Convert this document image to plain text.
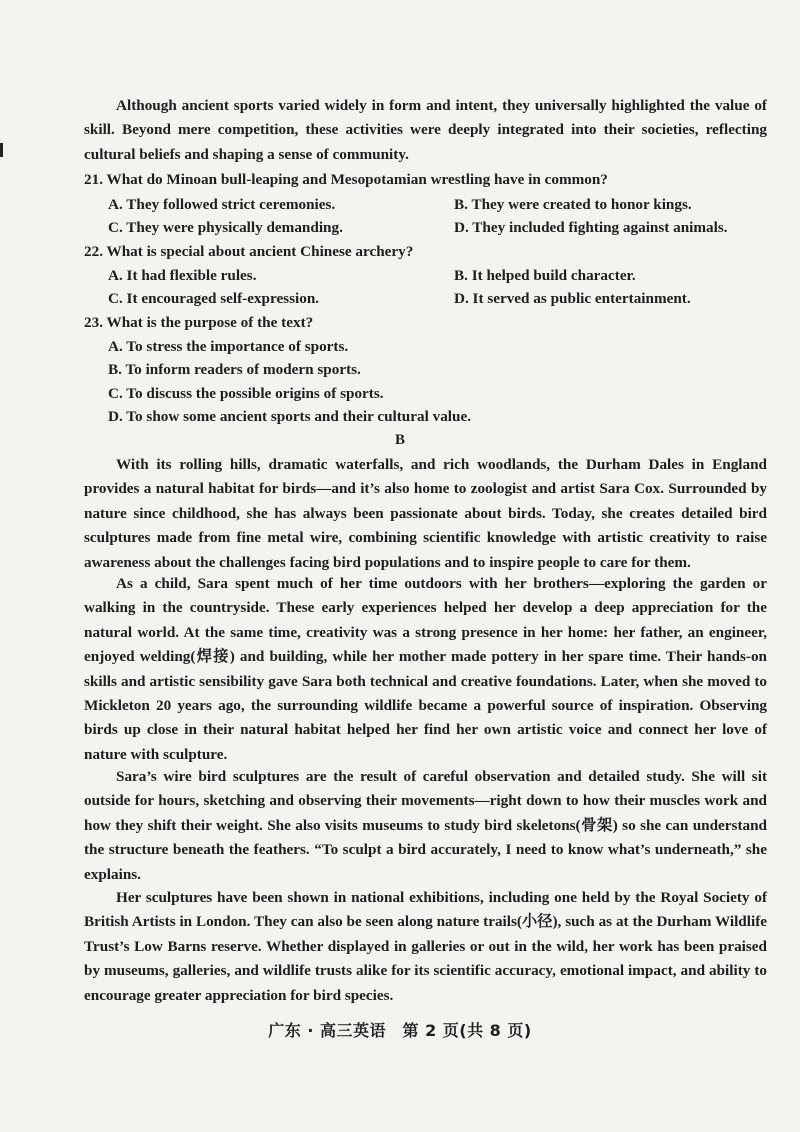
Although ancient sports varied widely in form and intent, they universally highlighted the value of skill. Beyond mere competition, these activities were deeply integrated into their societies, reflecting cultural beliefs and shaping a sense of community.

21. What do Minoan bull-leaping and Mesopotamian wrestling have in common?
A. They followed strict ceremonies.	B. They were created to honor kings.
C. They were physically demanding.	D. They included fighting against animals.
22. What is special about ancient Chinese archery?
A. It had flexible rules.	B. It helped build character.
C. It encouraged self-expression.	D. It served as public entertainment.
23. What is the purpose of the text?
A. To stress the importance of sports.
B. To inform readers of modern sports.
C. To discuss the possible origins of sports.
D. To show some ancient sports and their cultural value.
B

With its rolling hills, dramatic waterfalls, and rich woodlands, the Durham Dales in England provides a natural habitat for birds—and it’s also home to zoologist and artist Sara Cox. Surrounded by nature since childhood, she has always been passionate about birds. Today, she creates detailed bird sculptures made from fine metal wire, combining scientific knowledge with artistic creativity to raise awareness about the challenges facing bird populations and to inspire people to care for them.

As a child, Sara spent much of her time outdoors with her brothers—exploring the garden or walking in the countryside. These early experiences helped her develop a deep appreciation for the natural world. At the same time, creativity was a strong presence in her home: her father, an engineer, enjoyed welding(焊接) and building, while her mother made pottery in her spare time. Their hands-on skills and artistic sensibility gave Sara both technical and creative foundations. Later, when she moved to Mickleton 20 years ago, the surrounding wildlife became a powerful source of inspiration. Observing birds up close in their natural habitat helped her find her own artistic voice and connect her love of nature with sculpture.

Sara’s wire bird sculptures are the result of careful observation and detailed study. She will sit outside for hours, sketching and observing their movements—right down to how their muscles work and how they shift their weight. She also visits museums to study bird skeletons(骨架) so she can understand the structure beneath the feathers. “To sculpt a bird accurately, I need to know what’s underneath,” she explains.

Her sculptures have been shown in national exhibitions, including one held by the Royal Society of British Artists in London. They can also be seen along nature trails(小径), such as at the Durham Wildlife Trust’s Low Barns reserve. Whether displayed in galleries or out in the wild, her work has been praised by museums, galleries, and wildlife trusts alike for its scientific accuracy, emotional impact, and ability to encourage greater appreciation for bird species.

广东 · 高三英语　第 2 页(共 8 页)
